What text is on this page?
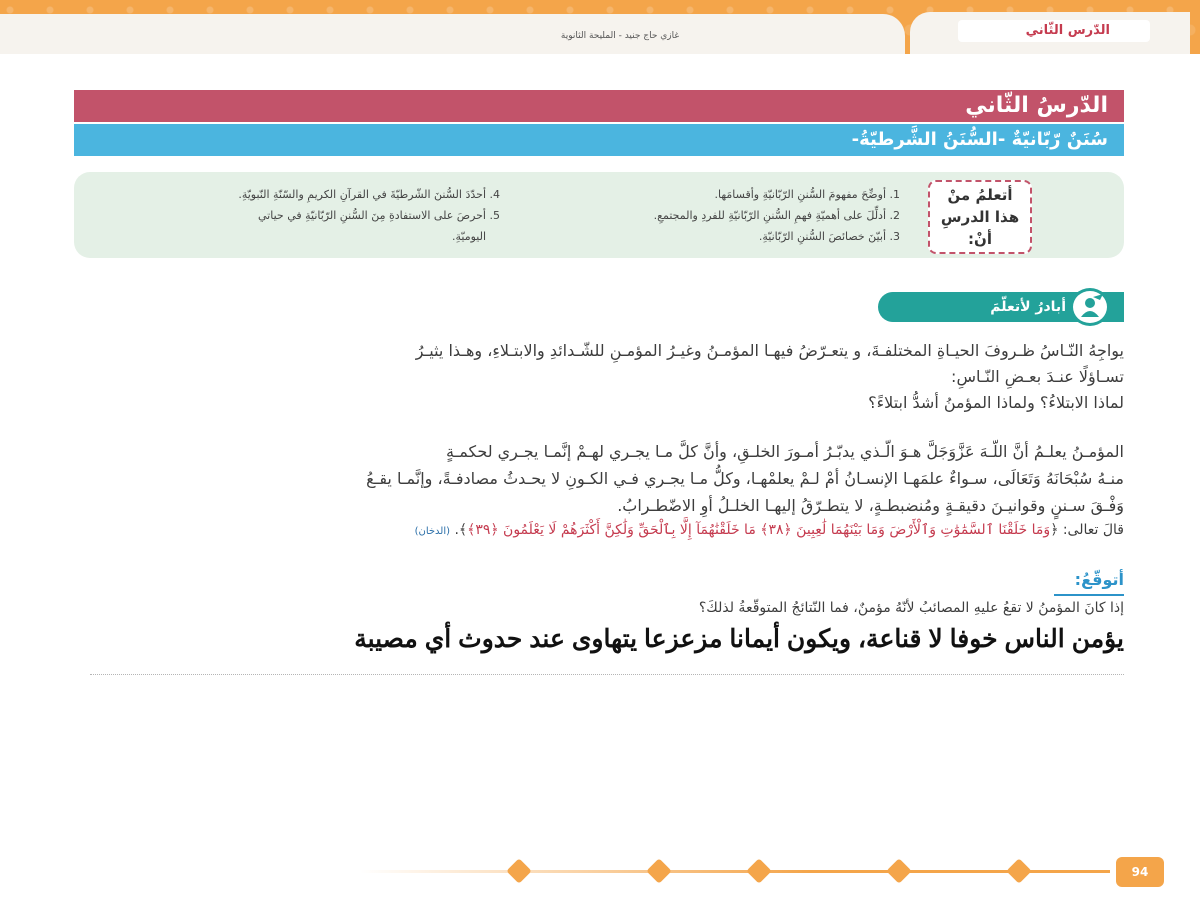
غازي حاج جنيد - المليحة الثانوية	الدّرس الثّاني
الدّرسُ الثّاني
سُنَنٌ رّبّانيّةٌ -السُّنَنُ الشَّرطيّةُ-
أتعلمُ منْ
هذا الدرسِ أنْ:
1. أوضِّحَ مفهومَ السُّننِ الرّبّانيّةِ وأقسامَها.
2. أدلِّلَ على أهميّةِ فهمِ السُّننِ الرّبّانيّةِ للفردِ والمجتمعِ.
3. أبيّنَ خصائصَ السُّننِ الرّبّانيّةِ.
4. أحدّدَ السُّننَ الشّرطيّةَ في القرآنِ الكريمِ والسّنّةِ النّبويّةِ.
5. أحرصَ على الاستفادةِ مِنَ السُّننِ الرّبّانيّةِ في حياتي
اليوميّةِ.
أبادرُ لأتعلّمَ
يواجِهُ النّـاسُ ظـروفَ الحيـاةِ المختلفـةَ، و يتعـرّضُ فيهـا المؤمـنُ وغيـرُ المؤمـنِ للشّـدائدِ والابتـلاءِ، وهـذا يثيـرُ
تسـاؤلًا عنـدَ بعـضِ النّـاسِ:
لماذا الابتلاءُ؟ ولماذا المؤمنُ أشدُّ ابتلاءً؟
المؤمـنُ يعلـمُ أنَّ اللّـهَ عَزَّوَجَلَّ هـوَ الّـذي يدبّـرُ أمـورَ الخلـقِ، وأنَّ كلَّ مـا يجـري لهـمْ إنَّمـا يجـري لحكمـةٍ
منـهُ سُبْحَانَهُ وَتَعَالَى، سـواءٌ علمَهـا الإنسـانُ أمْ لـمْ يعلمْهـا، وكلُّ مـا يجـري فـي الكـونِ لا يحـدثُ مصادفـةً، وإنَّمـا يقـعُ
وَفْـقَ سـننٍ وقوانيـنَ دقيقـةٍ ومُنضبطـةٍ، لا يتطـرّقُ إليهـا الخلـلُ أوِ الاضّطـرابُ.
قالَ تعالى: ﴿وَمَا خَلَقْنَا ٱلسَّمَٰوَٰتِ وَٱلْأَرْضَ وَمَا بَيْنَهُمَا لَٰعِبِينَ ﴿٣٨﴾ مَا خَلَقْنَٰهُمَآ إِلَّا بِٱلْحَقِّ وَلَٰكِنَّ أَكْثَرَهُمْ لَا يَعْلَمُونَ ﴿٣٩﴾﴾. (الدخان)
أتوقّعُ:
إذا كانَ المؤمنُ لا تقعُ عليهِ المصائبُ لأنّهُ مؤمنٌ، فما النّتائجُ المتوقّعةُ لذلكَ؟
يؤمن الناس خوفا لا قناعة، ويكون أيمانا مزعزعا يتهاوى عند حدوث أي مصيبة
94
